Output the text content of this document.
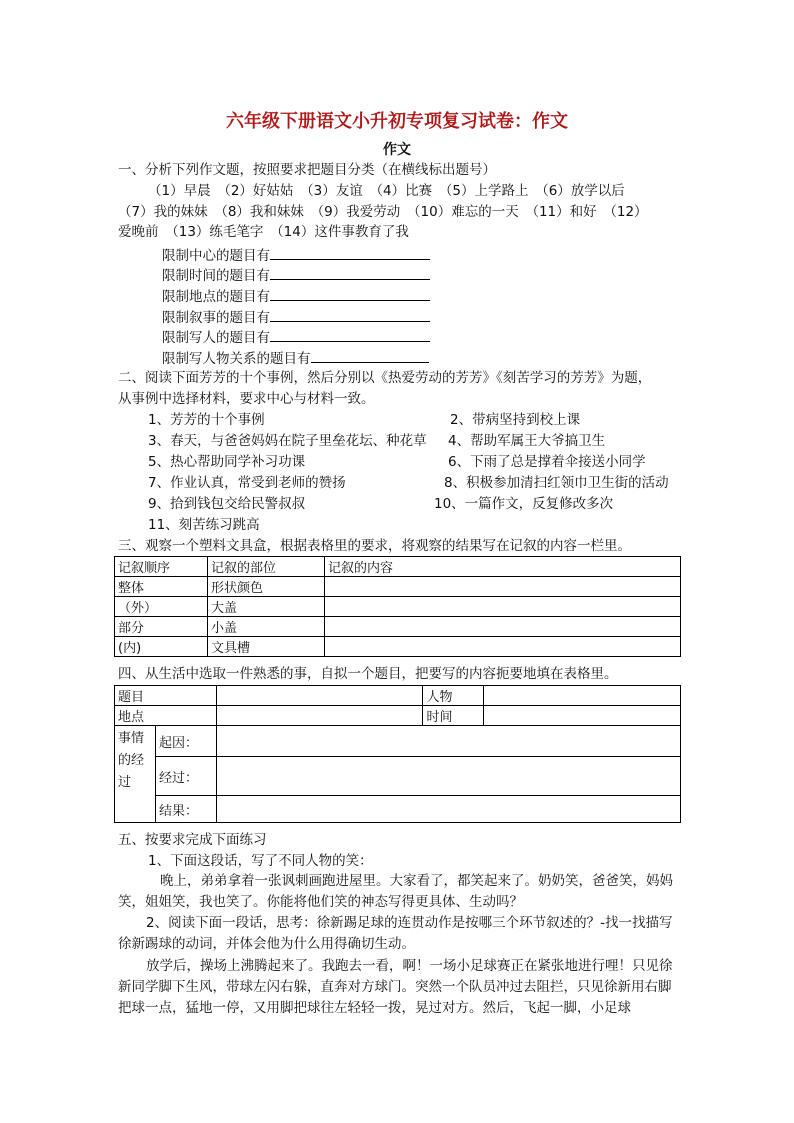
六年级下册语文小升初专项复习试卷：作文
作文
一、分析下列作文题，按照要求把题目分类（在横线标出题号）
（1）早晨　（2）好姑姑　（3）友谊　（4）比赛　（5）上学路上　（6）放学以后
（7）我的妹妹　（8）我和妹妹　（9）我爱劳动　（10）难忘的一天　（11）和好　（12）
爱晚前　（13）练毛笔字　（14）这件事教育了我
限制中心的题目有
限制时间的题目有
限制地点的题目有
限制叙事的题目有
限制写人的题目有
限制写人物关系的题目有
二、阅读下面芳芳的十个事例，然后分别以《热爱劳动的芳芳》《刻苦学习的芳芳》为题，
从事例中选择材料，要求中心与材料一致。
1、芳芳的十个事例
3、春天，与爸爸妈妈在院子里垒花坛、种花草
5、热心帮助同学补习功课
7、作业认真，常受到老师的赞扬
9、拾到钱包交给民警叔叔
11、刻苦练习跳高
2、带病坚持到校上课
4、帮助军属王大爷搞卫生
6、下雨了总是撑着伞接送小同学
8、积极参加清扫红领巾卫生街的活动
10、一篇作文，反复修改多次
三、观察一个塑料文具盒，根据表格里的要求，将观察的结果写在记叙的内容一栏里。
记叙顺序	记叙的部位	记叙的内容
整体	形状颜色	
（外）	大盖	
部分	小盖	
(内)	文具槽	
四、从生活中选取一件熟悉的事，自拟一个题目，把要写的内容扼要地填在表格里。
题目			人物	
地点			时间	

事情
的经
过	起因：			
	经过：			
	结果：			
五、按要求完成下面练习
1、下面这段话，写了不同人物的笑：
晚上，弟弟拿着一张讽刺画跑进屋里。大家看了，都笑起来了。奶奶笑，爸爸笑，妈妈笑，姐姐笑，我也笑了。你能将他们笑的神态写得更具体、生动吗？
2、阅读下面一段话，思考：徐新踢足球的连贯动作是按哪三个环节叙述的？-找一找描写徐新踢球的动词，并体会他为什么用得确切生动。
放学后，操场上沸腾起来了。我跑去一看，啊！一场小足球赛正在紧张地进行哩！只见徐新同学脚下生风，带球左闪右躲，直奔对方球门。突然一个队员冲过去阻拦，只见徐新用右脚把球一点，猛地一停，又用脚把球往左轻轻一拨，晃过对方。然后，飞起一脚，小足球
